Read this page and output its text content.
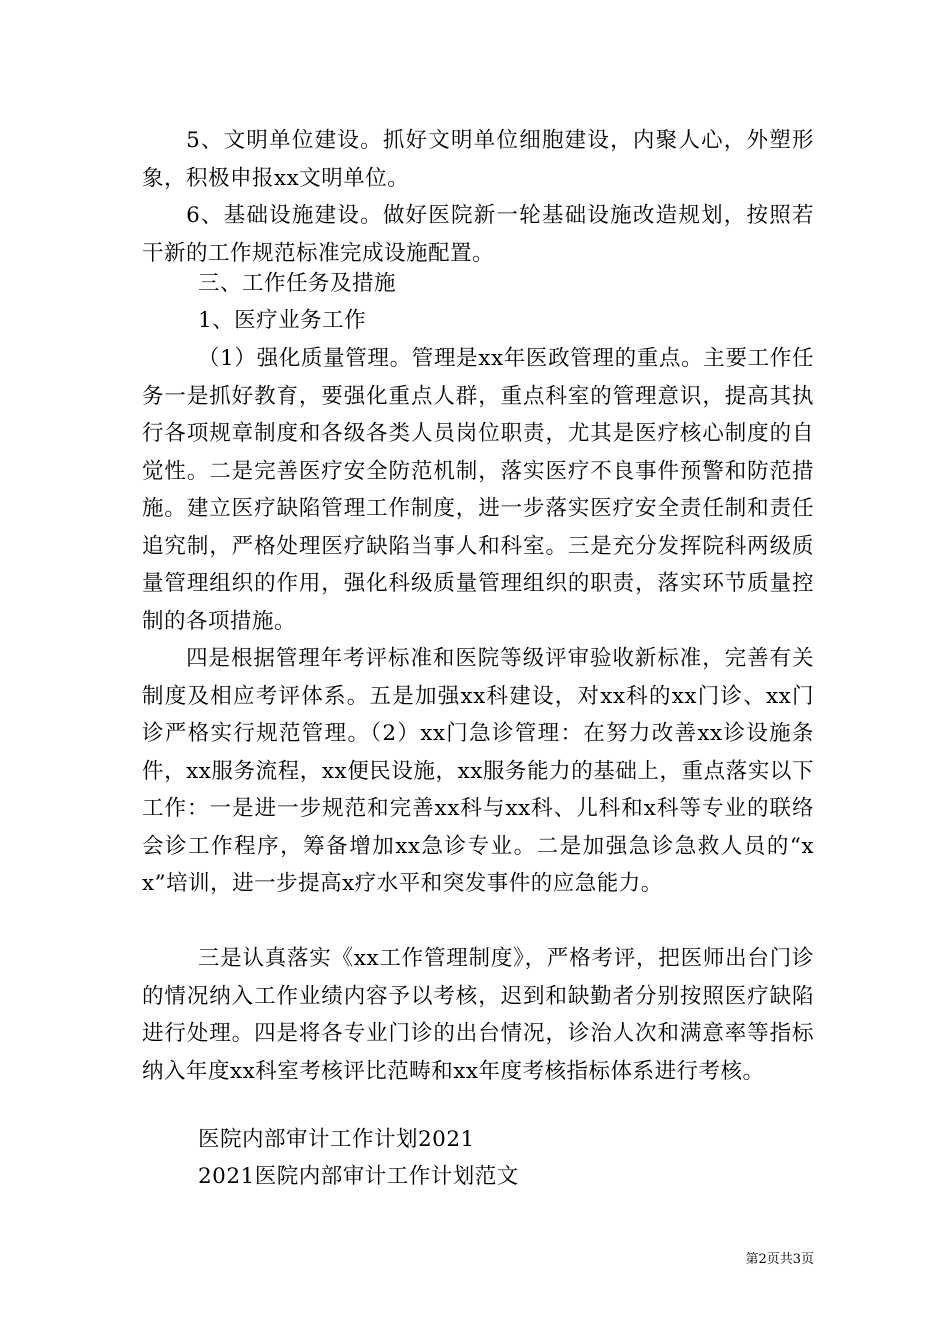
5、文明单位建设。抓好文明单位细胞建设，内聚人心，外塑形象，积极申报xx文明单位。

6、基础设施建设。做好医院新一轮基础设施改造规划，按照若干新的工作规范标准完成设施配置。

三、工作任务及措施

1、医疗业务工作

（1）强化质量管理。管理是xx年医政管理的重点。主要工作任务一是抓好教育，要强化重点人群，重点科室的管理意识，提高其执行各项规章制度和各级各类人员岗位职责，尤其是医疗核心制度的自觉性。二是完善医疗安全防范机制，落实医疗不良事件预警和防范措施。建立医疗缺陷管理工作制度，进一步落实医疗安全责任制和责任追究制，严格处理医疗缺陷当事人和科室。三是充分发挥院科两级质量管理组织的作用，强化科级质量管理组织的职责，落实环节质量控制的各项措施。

四是根据管理年考评标准和医院等级评审验收新标准，完善有关制度及相应考评体系。五是加强xx科建设，对xx科的xx门诊、xx门诊严格实行规范管理。（2）xx门急诊管理：在努力改善xx诊设施条件，xx服务流程，xx便民设施，xx服务能力的基础上，重点落实以下工作：一是进一步规范和完善xx科与xx科、儿科和x科等专业的联络会诊工作程序，筹备增加xx急诊专业。二是加强急诊急救人员的“xx”培训，进一步提高x疗水平和突发事件的应急能力。

三是认真落实《xx工作管理制度》，严格考评，把医师出台门诊的情况纳入工作业绩内容予以考核，迟到和缺勤者分别按照医疗缺陷进行处理。四是将各专业门诊的出台情况，诊治人次和满意率等指标纳入年度xx科室考核评比范畴和xx年度考核指标体系进行考核。

医院内部审计工作计划2021

2021医院内部审计工作计划范文

第2页共3页
